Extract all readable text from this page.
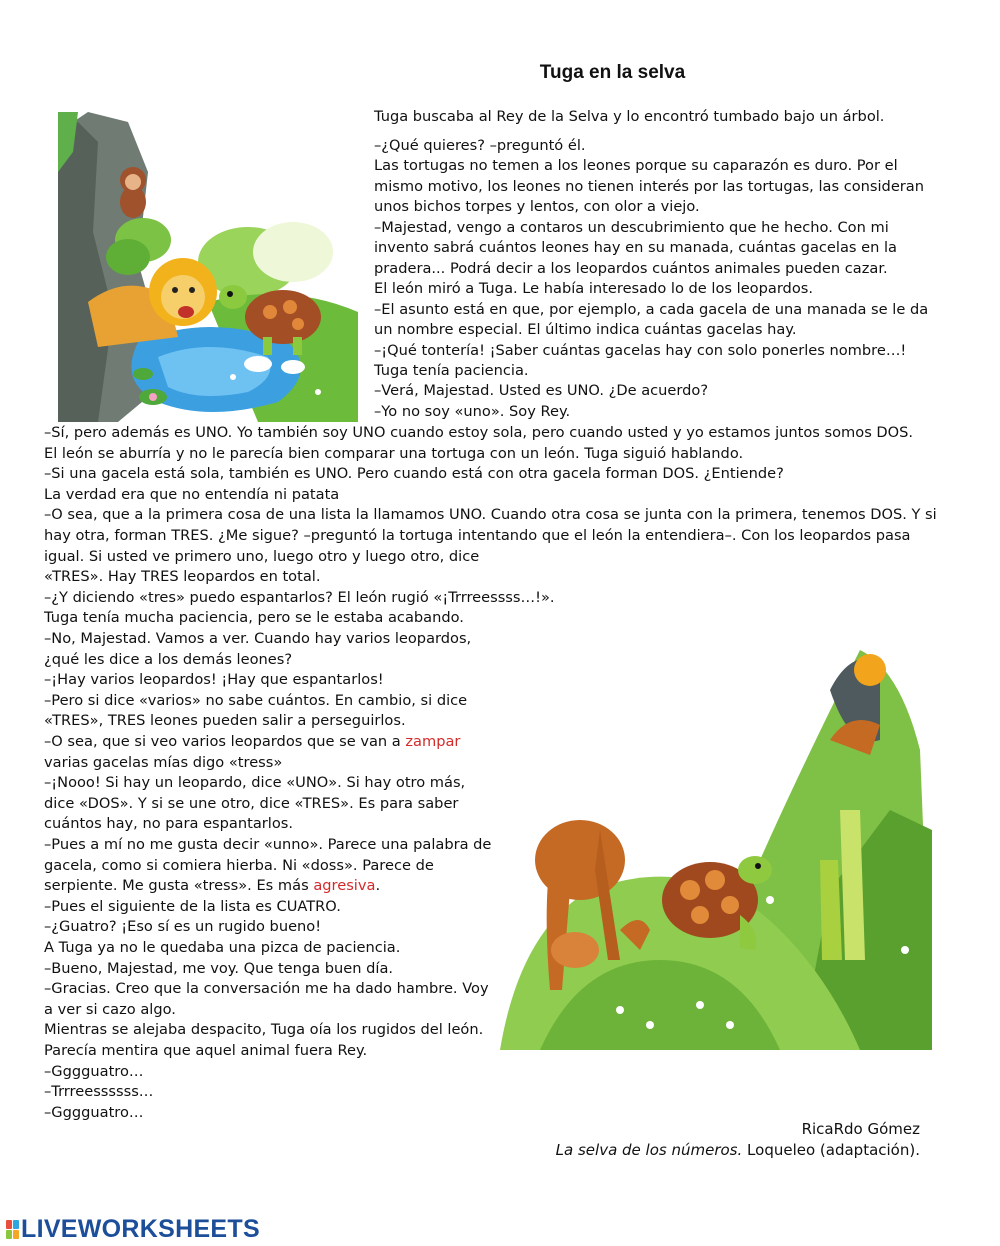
Tuga en la selva
Tuga buscaba al Rey de la Selva y lo encontró tumbado bajo un árbol.
–¿Qué quieres? –preguntó él.
Las tortugas no temen a los leones porque su caparazón es duro. Por el
mismo motivo, los leones no tienen interés por las tortugas, las consideran
unos bichos torpes y lentos, con olor a viejo.
–Majestad, vengo a contaros un descubrimiento que he hecho. Con mi
invento sabrá cuántos leones hay en su manada, cuántas gacelas en la
pradera... Podrá decir a los leopardos cuántos animales pueden cazar.
El león miró a Tuga. Le había interesado lo de los leopardos.
–El asunto está en que, por ejemplo, a cada gacela de una manada se le da
un nombre especial. El último indica cuántas gacelas hay.
–¡Qué tontería! ¡Saber cuántas gacelas hay con solo ponerles nombre…!
Tuga tenía paciencia.
–Verá, Majestad. Usted es UNO. ¿De acuerdo?
–Yo no soy «uno». Soy Rey.
–Sí, pero además es UNO. Yo también soy UNO cuando estoy sola, pero cuando usted y yo estamos juntos somos DOS.
El león se aburría y no le parecía bien comparar una tortuga con un león. Tuga siguió hablando.
–Si una gacela está sola, también es UNO. Pero cuando está con otra gacela forman DOS. ¿Entiende?
La verdad era que no entendía ni patata
–O sea, que a la primera cosa de una lista la llamamos UNO. Cuando otra cosa se junta con la primera, tenemos DOS. Y si
hay otra, forman TRES. ¿Me sigue? –preguntó la tortuga intentando que el león la entendiera–. Con los leopardos pasa
igual. Si usted ve primero uno, luego otro y luego otro, dice
«TRES». Hay TRES leopardos en total.
–¿Y diciendo «tres» puedo espantarlos? El león rugió «¡Trrreessss…!».
Tuga tenía mucha paciencia, pero se le estaba acabando.
–No, Majestad. Vamos a ver. Cuando hay varios leopardos,
¿qué les dice a los demás leones?
–¡Hay varios leopardos! ¡Hay que espantarlos!
–Pero si dice «varios» no sabe cuántos. En cambio, si dice
«TRES», TRES leones pueden salir a perseguirlos.
–O sea, que si veo varios leopardos que se van a zampar
varias gacelas mías digo «tress»
–¡Nooo! Si hay un leopardo, dice «UNO». Si hay otro más,
dice «DOS». Y si se une otro, dice «TRES». Es para saber
cuántos hay, no para espantarlos.
–Pues a mí no me gusta decir «unno». Parece una palabra de
gacela, como si comiera hierba. Ni «doss». Parece de
serpiente. Me gusta «tress». Es más agresiva.
–Pues el siguiente de la lista es CUATRO.
–¿Guatro? ¡Eso sí es un rugido bueno!
A Tuga ya no le quedaba una pizca de paciencia.
–Bueno, Majestad, me voy. Que tenga buen día.
–Gracias. Creo que la conversación me ha dado hambre. Voy
a ver si cazo algo.
Mientras se alejaba despacito, Tuga oía los rugidos del león.
Parecía mentira que aquel animal fuera Rey.
–Gggguatro…
–Trrreessssss…
–Gggguatro…
RicaRdo Gómez
La selva de los números. Loqueleo (adaptación).
LIVEWORKSHEETS
